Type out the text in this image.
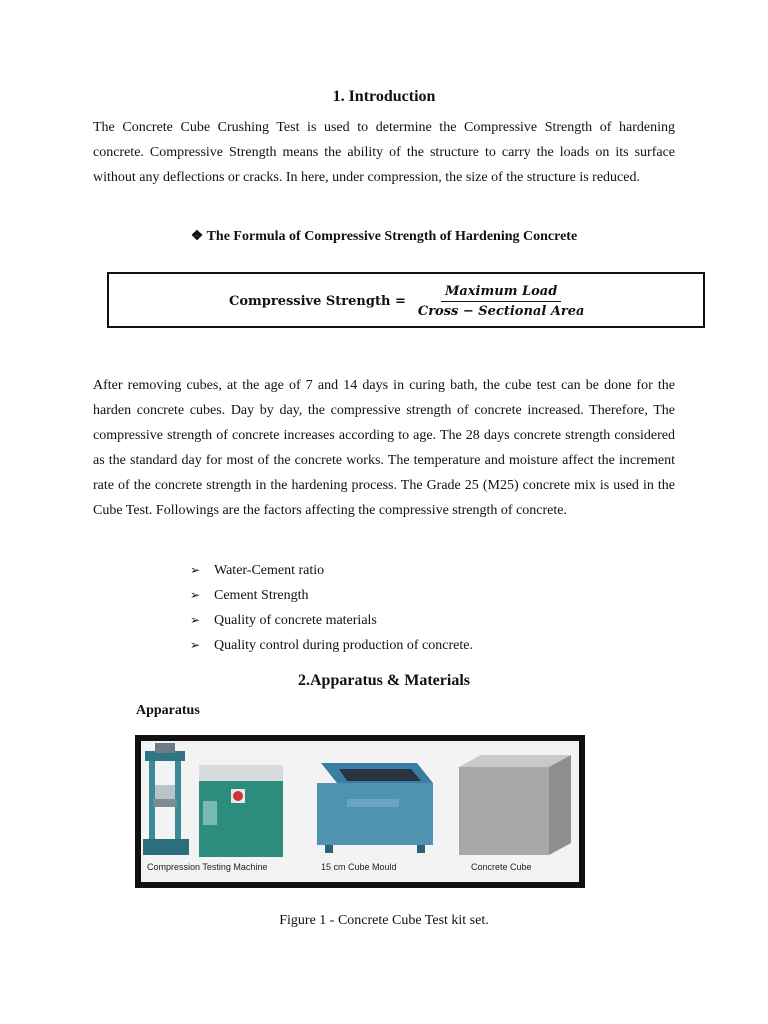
1. Introduction

The Concrete Cube Crushing Test is used to determine the Compressive Strength of hardening concrete. Compressive Strength means the ability of the structure to carry the loads on its surface without any deflections or cracks. In here, under compression, the size of the structure is reduced.

❖ The Formula of Compressive Strength of Hardening Concrete
Compressive Strength = $\frac{\text{Maximum Load}}{\text{Cross − Sectional Area}}$

After removing cubes, at the age of 7 and 14 days in curing bath, the cube test can be done for the harden concrete cubes. Day by day, the compressive strength of concrete increased. Therefore, The compressive strength of concrete increases according to age. The 28 days concrete strength considered as the standard day for most of the concrete works. The temperature and moisture affect the increment rate of the concrete strength in the hardening process. The Grade 25 (M25) concrete mix is used in the Cube Test. Followings are the factors affecting the compressive strength of concrete.

➢ Water-Cement ratio
➢ Cement Strength
➢ Quality of concrete materials
➢ Quality control during production of concrete.
2.Apparatus & Materials
Apparatus
Compression Testing Machine	15 cm Cube Mould	Concrete Cube
Figure 1 - Concrete Cube Test kit set.
